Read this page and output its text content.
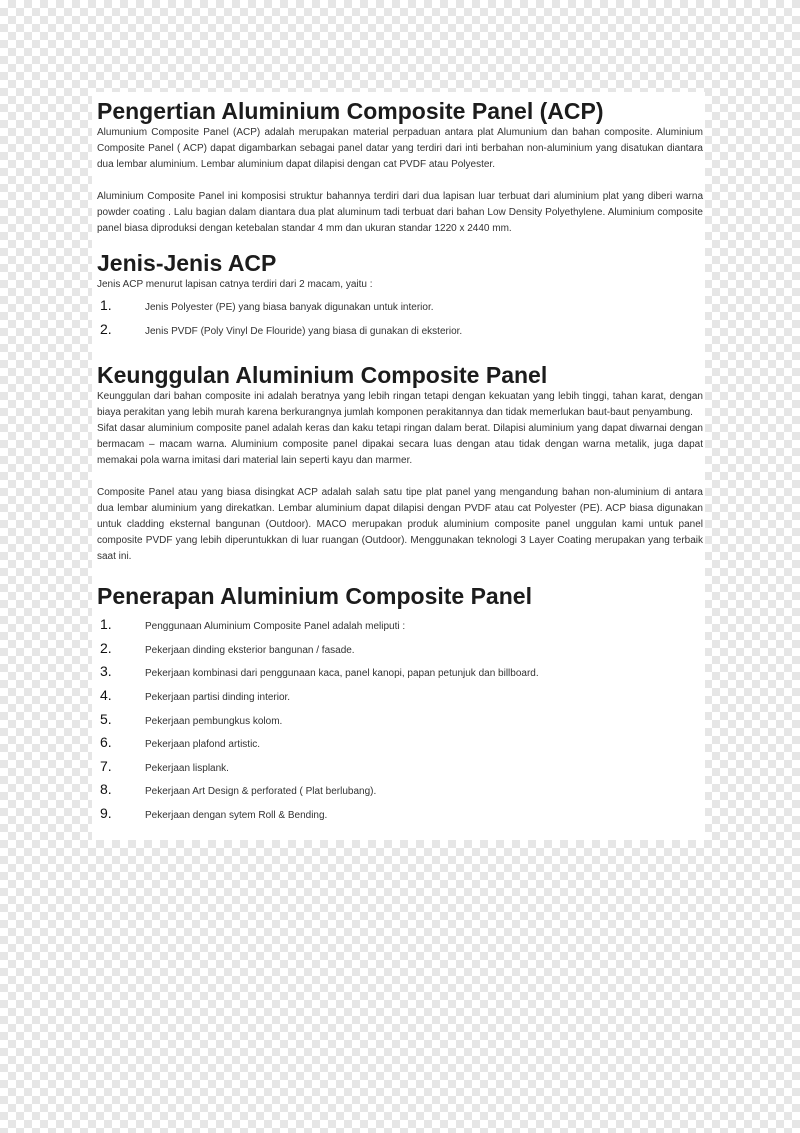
Pengertian Aluminium Composite Panel (ACP)

Alumunium Composite Panel (ACP) adalah merupakan material perpaduan antara plat Alumunium dan bahan composite. Aluminium Composite Panel ( ACP) dapat digambarkan sebagai panel datar yang terdiri dari inti berbahan non-aluminium yang disatukan diantara dua lembar aluminium. Lembar aluminium dapat dilapisi dengan cat PVDF atau Polyester.

Aluminium Composite Panel ini komposisi struktur bahannya terdiri dari dua lapisan luar terbuat dari aluminium plat yang diberi warna powder coating . Lalu bagian dalam diantara dua plat aluminum tadi terbuat dari bahan Low Density Polyethylene. Aluminium composite panel biasa diproduksi dengan ketebalan standar 4 mm dan ukuran standar 1220 x 2440 mm.

Jenis-Jenis ACP

Jenis ACP menurut lapisan catnya terdiri dari 2 macam, yaitu :

1.	Jenis Polyester (PE) yang biasa banyak digunakan untuk interior.
2.	Jenis PVDF (Poly Vinyl De Flouride) yang biasa di gunakan di eksterior.
Keunggulan Aluminium Composite Panel

Keunggulan dari bahan composite ini adalah beratnya yang lebih ringan tetapi dengan kekuatan yang lebih tinggi, tahan karat, dengan biaya perakitan yang lebih murah karena berkurangnya jumlah komponen perakitannya dan tidak memerlukan baut-baut penyambung.

Sifat dasar aluminium composite panel adalah keras dan kaku tetapi ringan dalam berat. Dilapisi aluminium yang dapat diwarnai dengan bermacam – macam warna. Aluminium composite panel dipakai secara luas dengan atau tidak dengan warna metalik, juga dapat memakai pola warna imitasi dari material lain seperti kayu dan marmer.

Composite Panel atau yang biasa disingkat ACP adalah salah satu tipe plat panel yang mengandung bahan non-aluminium di antara dua lembar aluminium yang direkatkan. Lembar aluminium dapat dilapisi dengan PVDF atau cat Polyester (PE). ACP biasa digunakan untuk cladding eksternal bangunan (Outdoor). MACO merupakan produk aluminium composite panel unggulan kami untuk panel composite PVDF yang lebih diperuntukkan di luar ruangan (Outdoor). Menggunakan teknologi 3 Layer Coating merupakan yang terbaik saat ini.

Penerapan Aluminium Composite Panel
1.	Penggunaan Aluminium Composite Panel adalah meliputi :
2.	Pekerjaan dinding eksterior bangunan / fasade.
3.	Pekerjaan kombinasi dari penggunaan kaca, panel kanopi, papan petunjuk dan billboard.
4.	Pekerjaan partisi dinding interior.
5.	Pekerjaan pembungkus kolom.
6.	Pekerjaan plafond artistic.
7.	Pekerjaan lisplank.
8.	Pekerjaan Art Design & perforated ( Plat berlubang).
9.	Pekerjaan dengan sytem Roll & Bending.
